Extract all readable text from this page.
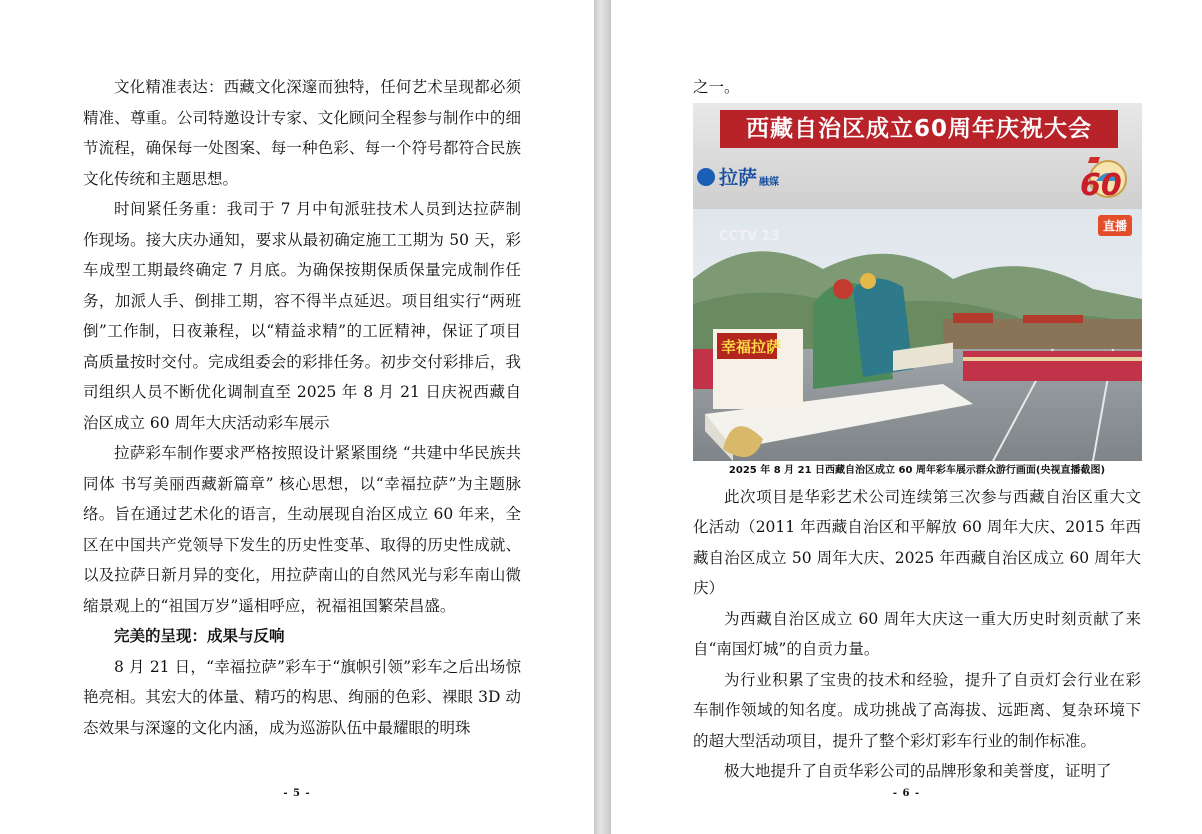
文化精准表达：西藏文化深邃而独特，任何艺术呈现都必须精准、尊重。公司特邀设计专家、文化顾问全程参与制作中的细节流程，确保每一处图案、每一种色彩、每一个符号都符合民族文化传统和主题思想。

时间紧任务重：我司于 7 月中旬派驻技术人员到达拉萨制作现场。接大庆办通知，要求从最初确定施工工期为 50 天，彩车成型工期最终确定 7 月底。为确保按期保质保量完成制作任务，加派人手、倒排工期，容不得半点延迟。项目组实行“两班倒”工作制，日夜兼程，以“精益求精”的工匠精神，保证了项目高质量按时交付。完成组委会的彩排任务。初步交付彩排后，我司组织人员不断优化调制直至 2025 年 8 月 21 日庆祝西藏自治区成立 60 周年大庆活动彩车展示

拉萨彩车制作要求严格按照设计紧紧围绕 “共建中华民族共同体 书写美丽西藏新篇章” 核心思想，以“幸福拉萨”为主题脉络。旨在通过艺术化的语言，生动展现自治区成立 60 年来，全区在中国共产党领导下发生的历史性变革、取得的历史性成就、以及拉萨日新月异的变化，用拉萨南山的自然风光与彩车南山微缩景观上的“祖国万岁”遥相呼应，祝福祖国繁荣昌盛。

完美的呈现：成果与反响

8 月 21 日，“幸福拉萨”彩车于“旗帜引领”彩车之后出场惊艳亮相。其宏大的体量、精巧的构思、绚丽的色彩、裸眼 3D 动态效果与深邃的文化内涵，成为巡游队伍中最耀眼的明珠

- 5 -

之一。

西藏自治区成立60周年庆祝大会
拉萨 融媒	60
幸福拉萨
CCTV 13
直播
2025 年 8 月 21 日西藏自治区成立 60 周年彩车展示群众游行画面(央视直播截图)

此次项目是华彩艺术公司连续第三次参与西藏自治区重大文化活动（2011 年西藏自治区和平解放 60 周年大庆、2015 年西藏自治区成立 50 周年大庆、2025 年西藏自治区成立 60 周年大庆）

为西藏自治区成立 60 周年大庆这一重大历史时刻贡献了来自“南国灯城”的自贡力量。

为行业积累了宝贵的技术和经验，提升了自贡灯会行业在彩车制作领域的知名度。成功挑战了高海拔、远距离、复杂环境下的超大型活动项目，提升了整个彩灯彩车行业的制作标准。

极大地提升了自贡华彩公司的品牌形象和美誉度，证明了

- 6 -
